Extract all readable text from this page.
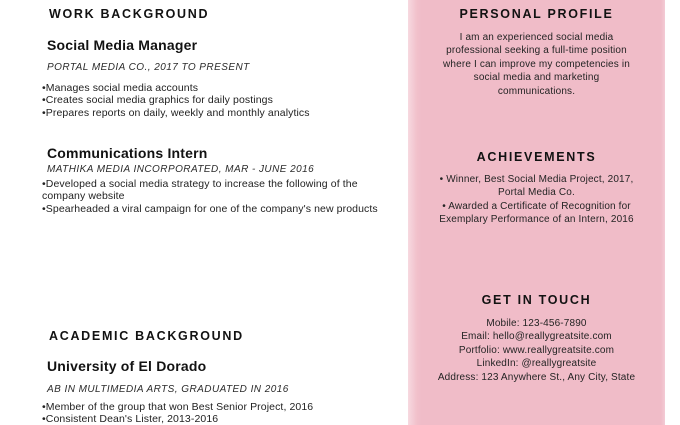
WORK BACKGROUND
Social Media Manager
PORTAL MEDIA CO., 2017 TO PRESENT
• Manages social media accounts
• Creates social media graphics for daily postings
• Prepares reports on daily, weekly and monthly analytics
Communications Intern
MATHIKA MEDIA INCORPORATED, MAR - JUNE 2016
• Developed a social media strategy to increase the following of the company website
• Spearheaded a viral campaign for one of the company's new products
ACADEMIC BACKGROUND
University of El Dorado
AB IN MULTIMEDIA ARTS, GRADUATED IN 2016
• Member of the group that won Best Senior Project, 2016
• Consistent Dean's Lister, 2013-2016
PERSONAL PROFILE
I am an experienced social media
professional seeking a full-time position
where I can improve my competencies in
social media and marketing
communications.
ACHIEVEMENTS
• Winner, Best Social Media Project, 2017,
Portal Media Co.
• Awarded a Certificate of Recognition for
Exemplary Performance of an Intern, 2016
GET IN TOUCH
Mobile: 123-456-7890
Email: hello@reallygreatsite.com
Portfolio: www.reallygreatsite.com
LinkedIn: @reallygreatsite
Address: 123 Anywhere St., Any City, State
